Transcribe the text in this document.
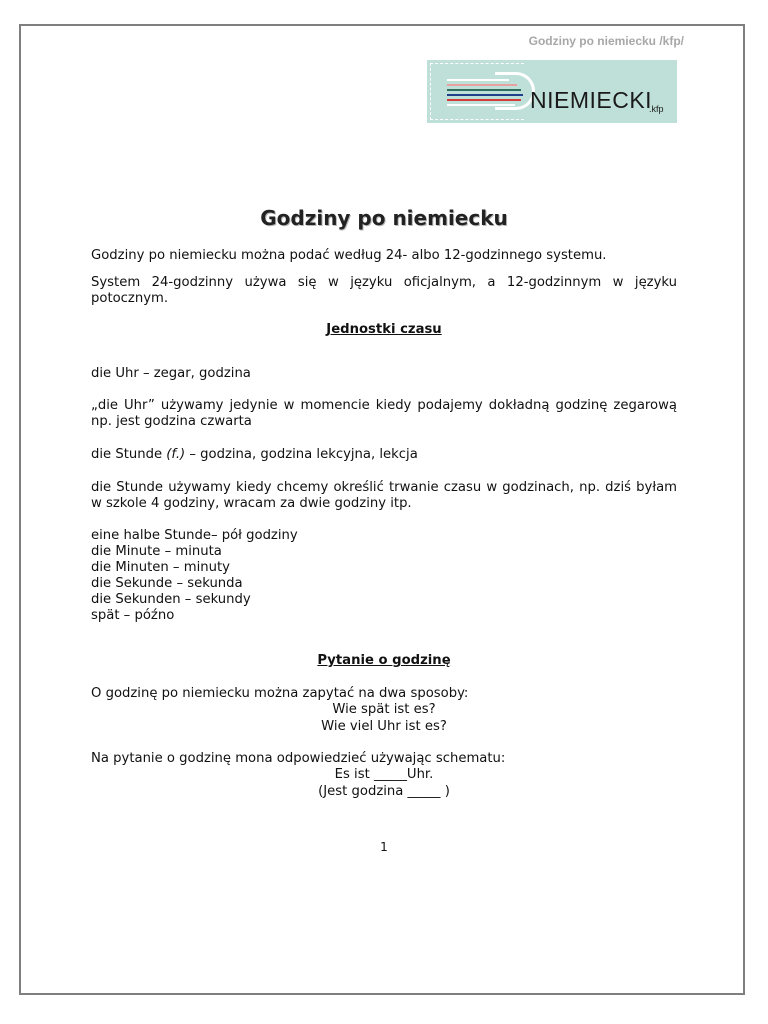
Godziny po niemiecku /kfp/
NIEMIECKI
.kfp
Godziny po niemiecku
Godziny po niemiecku można podać według 24- albo 12-godzinnego systemu.
System 24-godzinny używa się w języku oficjalnym, a 12-godzinnym w języku potocznym.
Jednostki czasu
die Uhr – zegar, godzina
„die Uhr” używamy jedynie w momencie kiedy podajemy dokładną godzinę zegarową np. jest godzina czwarta
die Stunde (f.) – godzina, godzina lekcyjna, lekcja
die Stunde używamy kiedy chcemy określić trwanie czasu w godzinach, np. dziś byłam w szkole 4 godziny, wracam za dwie godziny itp.
eine halbe Stunde– pół godziny
die Minute – minuta
die Minuten – minuty
die Sekunde – sekunda
die Sekunden – sekundy
spät – późno
Pytanie o godzinę
O godzinę po niemiecku można zapytać na dwa sposoby:
Wie spät ist es?
Wie viel Uhr ist es?
Na pytanie o godzinę mona odpowiedzieć używając schematu:
Es ist _____Uhr.
(Jest godzina _____ )
1
